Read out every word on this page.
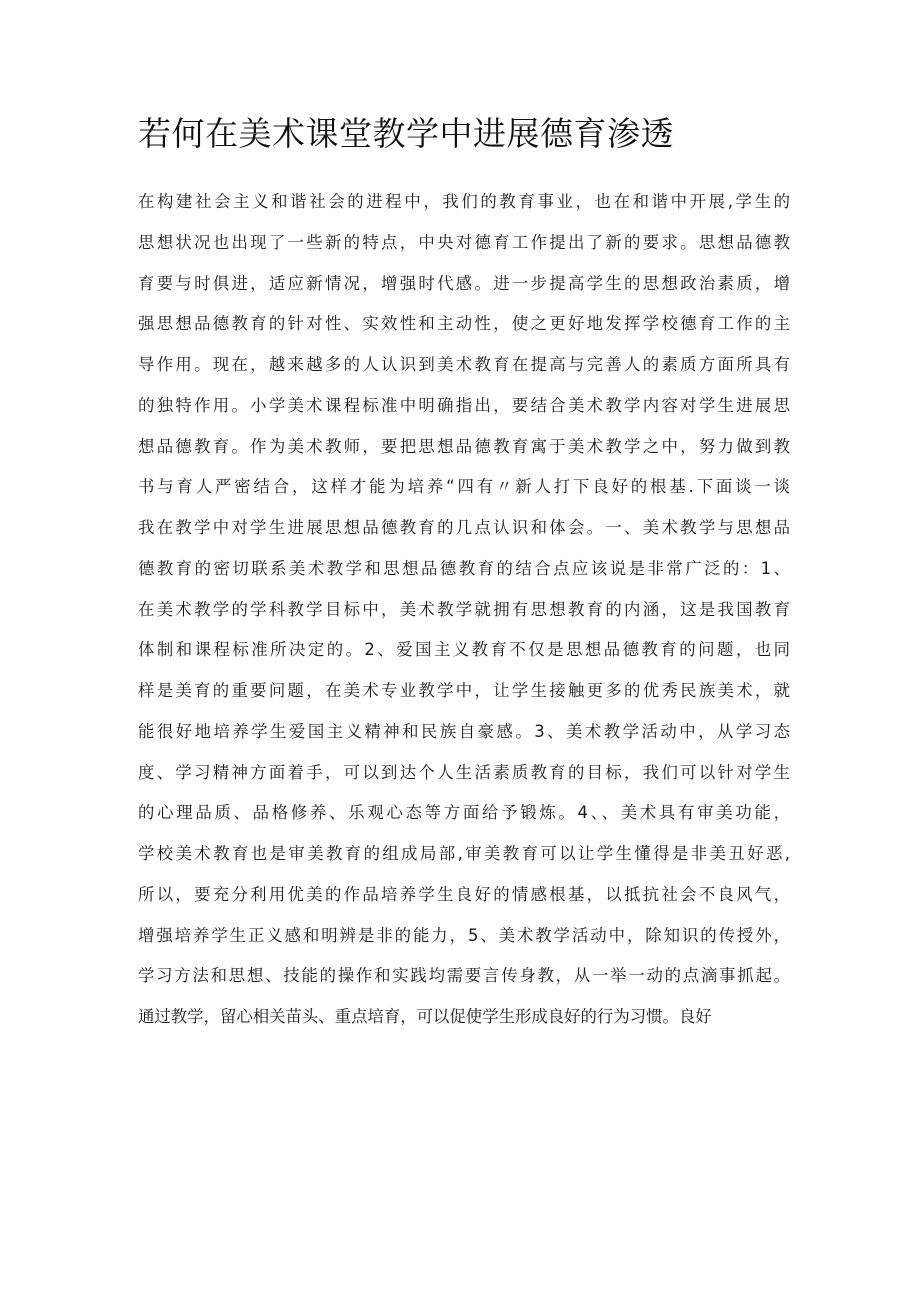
若何在美术课堂教学中进展德育渗透
在构建社会主义和谐社会的进程中，我们的教育事业，也在和谐中开展,学生的
思想状况也出现了一些新的特点，中央对德育工作提出了新的要求。思想品德教
育要与时俱进，适应新情况，增强时代感。进一步提高学生的思想政治素质，增
强思想品德教育的针对性、实效性和主动性，使之更好地发挥学校德育工作的主
导作用。现在，越来越多的人认识到美术教育在提高与完善人的素质方面所具有
的独特作用。小学美术课程标准中明确指出，要结合美术教学内容对学生进展思
想品德教育。作为美术教师，要把思想品德教育寓于美术教学之中，努力做到教
书与育人严密结合，这样才能为培养“四有〃新人打下良好的根基.下面谈一谈
我在教学中对学生进展思想品德教育的几点认识和体会。一、美术教学与思想品
德教育的密切联系美术教学和思想品德教育的结合点应该说是非常广泛的：1、
在美术教学的学科教学目标中，美术教学就拥有思想教育的内涵，这是我国教育
体制和课程标准所决定的。2、爱国主义教育不仅是思想品德教育的问题，也同
样是美育的重要问题，在美术专业教学中，让学生接触更多的优秀民族美术，就
能很好地培养学生爱国主义精神和民族自豪感。3、美术教学活动中，从学习态
度、学习精神方面着手，可以到达个人生活素质教育的目标，我们可以针对学生
的心理品质、品格修养、乐观心态等方面给予锻炼。4、、美术具有审美功能，
学校美术教育也是审美教育的组成局部,审美教育可以让学生懂得是非美丑好恶,
所以，要充分利用优美的作品培养学生良好的情感根基，以抵抗社会不良风气，
增强培养学生正义感和明辨是非的能力，5、美术教学活动中，除知识的传授外，
学习方法和思想、技能的操作和实践均需要言传身教，从一举一动的点滴事抓起。
通过教学，留心相关苗头、重点培育，可以促使学生形成良好的行为习惯。良好
